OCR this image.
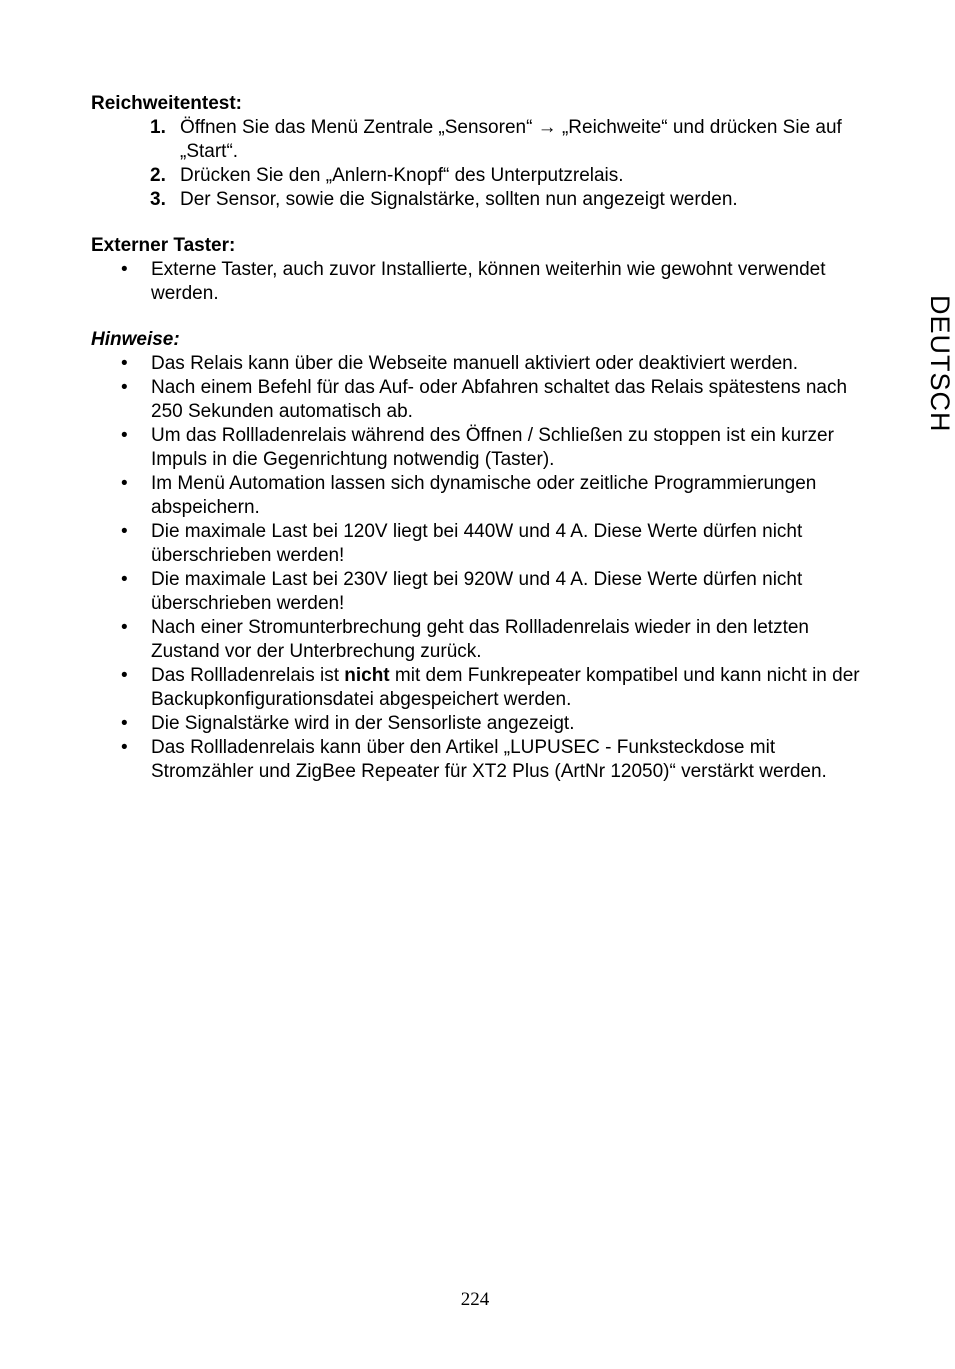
Reichweitentest:

1. Öffnen Sie das Menü Zentrale „Sensoren“ → „Reichweite“ und drücken Sie auf „Start“.
2. Drücken Sie den „Anlern-Knopf“ des Unterputzrelais.
3. Der Sensor, sowie die Signalstärke, sollten nun angezeigt werden.

Externer Taster:

• Externe Taster, auch zuvor Installierte, können weiterhin wie gewohnt verwendet werden.

Hinweise:

• Das Relais kann über die Webseite manuell aktiviert oder deaktiviert werden.
• Nach einem Befehl für das Auf- oder Abfahren schaltet das Relais spätestens nach 250 Sekunden automatisch ab.
• Um das Rollladenrelais während des Öffnen / Schließen zu stoppen ist ein kurzer Impuls in die Gegenrichtung notwendig (Taster).
• Im Menü Automation lassen sich dynamische oder zeitliche Programmierungen abspeichern.
• Die maximale Last bei 120V liegt bei 440W und 4 A. Diese Werte dürfen nicht überschrieben werden!
• Die maximale Last bei 230V liegt bei 920W und 4 A. Diese Werte dürfen nicht überschrieben werden!
• Nach einer Stromunterbrechung geht das Rollladenrelais wieder in den letzten Zustand vor der Unterbrechung zurück.
• Das Rollladenrelais ist nicht mit dem Funkrepeater kompatibel und kann nicht in der Backupkonfigurationsdatei abgespeichert werden.
• Die Signalstärke wird in der Sensorliste angezeigt.
• Das Rollladenrelais kann über den Artikel „LUPUSEC - Funksteckdose mit Stromzähler und ZigBee Repeater für XT2 Plus (ArtNr 12050)“ verstärkt werden.
DEUTSCH
224
